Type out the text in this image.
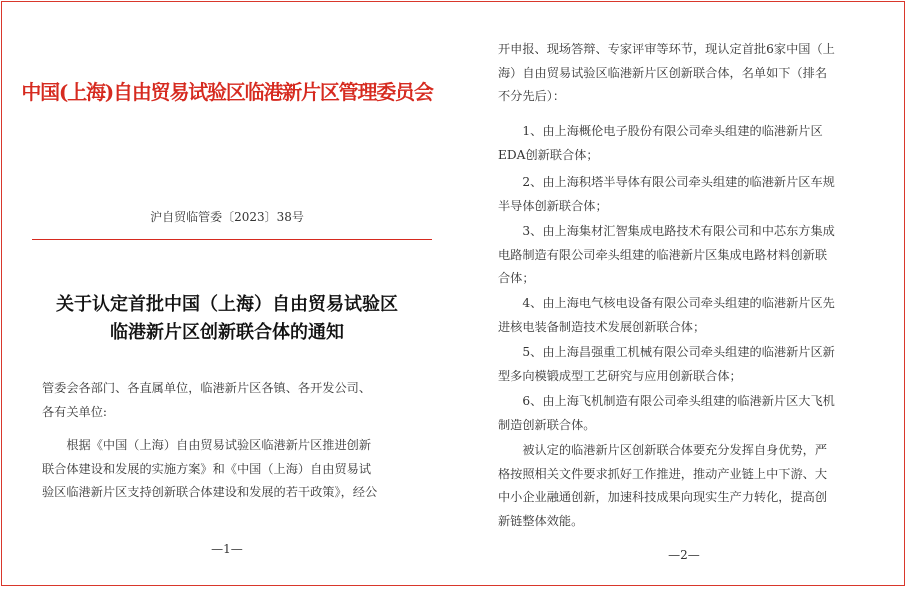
中国(上海)自由贸易试验区临港新片区管理委员会
沪自贸临管委〔2023〕38号
关于认定首批中国（上海）自由贸易试验区
临港新片区创新联合体的通知

管委会各部门、各直属单位，临港新片区各镇、各开发公司、
各有关单位:

　　根据《中国（上海）自由贸易试验区临港新片区推进创新
联合体建设和发展的实施方案》和《中国（上海）自由贸易试
验区临港新片区支持创新联合体建设和发展的若干政策》，经公

—1—

开申报、现场答辩、专家评审等环节，现认定首批6家中国（上
海）自由贸易试验区临港新片区创新联合体，名单如下（排名
不分先后）：

　　1、由上海概伦电子股份有限公司牵头组建的临港新片区
EDA创新联合体；

　　2、由上海积塔半导体有限公司牵头组建的临港新片区车规
半导体创新联合体；

　　3、由上海集材汇智集成电路技术有限公司和中芯东方集成
电路制造有限公司牵头组建的临港新片区集成电路材料创新联
合体；

　　4、由上海电气核电设备有限公司牵头组建的临港新片区先
进核电装备制造技术发展创新联合体；

　　5、由上海昌强重工机械有限公司牵头组建的临港新片区新
型多向模锻成型工艺研究与应用创新联合体；

　　6、由上海飞机制造有限公司牵头组建的临港新片区大飞机
制造创新联合体。

　　被认定的临港新片区创新联合体要充分发挥自身优势，严
格按照相关文件要求抓好工作推进，推动产业链上中下游、大
中小企业融通创新，加速科技成果向现实生产力转化，提高创
新链整体效能。

—2—
